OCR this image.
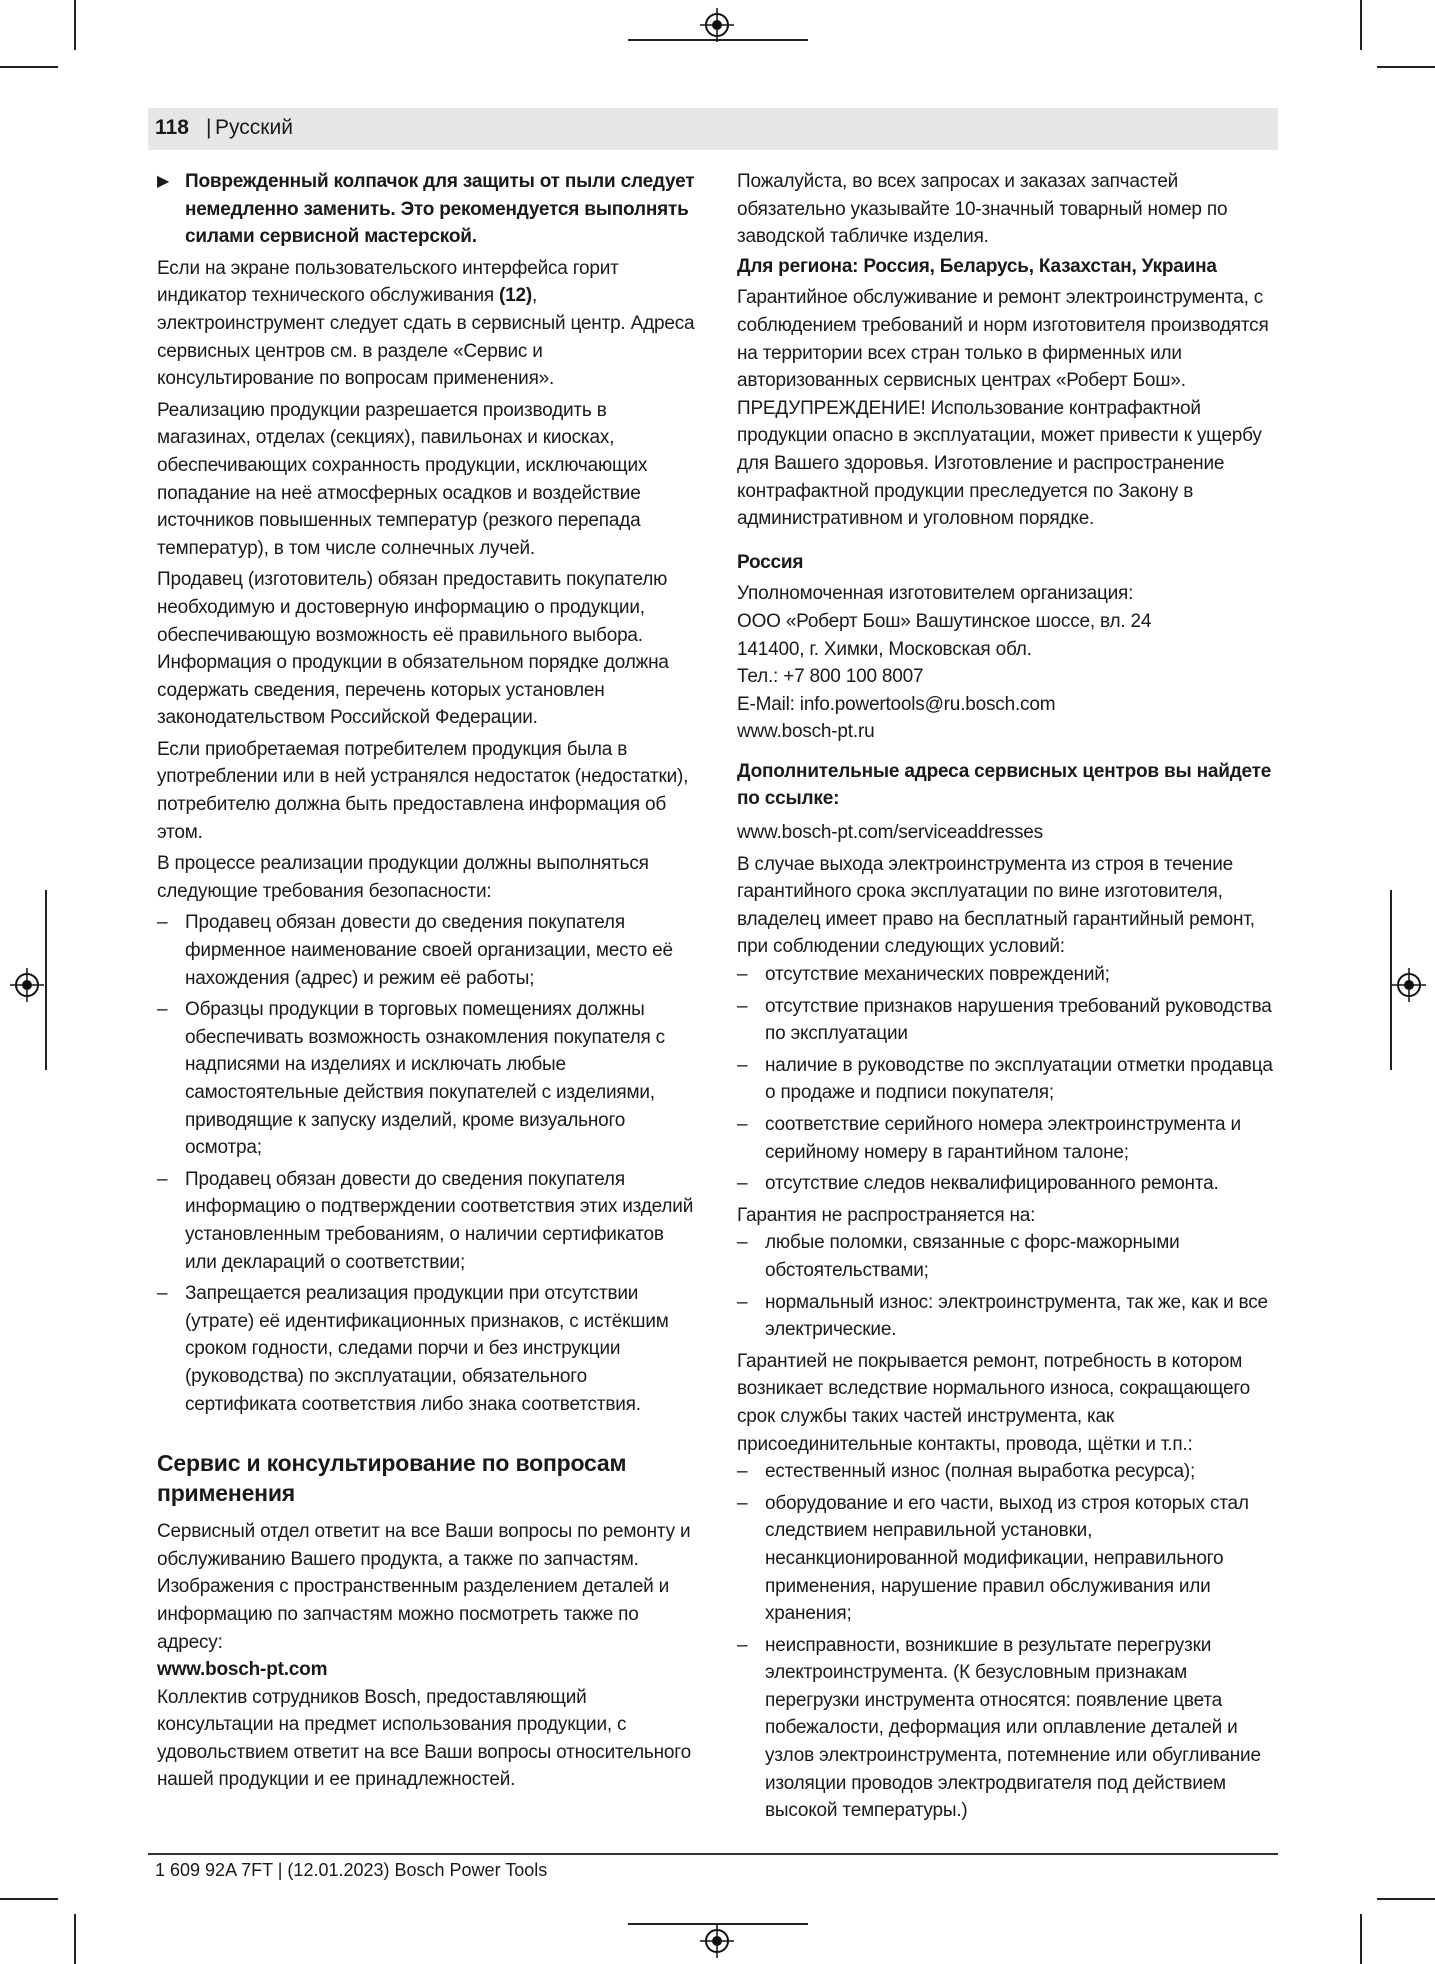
118 | Русский

▶ Поврежденный колпачок для защиты от пыли следует немедленно заменить. Это рекомендуется выполнять силами сервисной мастерской.

Если на экране пользовательского интерфейса горит индикатор технического обслуживания (12), электроинструмент следует сдать в сервисный центр. Адреса сервисных центров см. в разделе «Сервис и консультирование по вопросам применения».

Реализацию продукции разрешается производить в магазинах, отделах (секциях), павильонах и киосках, обеспечивающих сохранность продукции, исключающих попадание на неё атмосферных осадков и воздействие источников повышенных температур (резкого перепада температур), в том числе солнечных лучей.

Продавец (изготовитель) обязан предоставить покупателю необходимую и достоверную информацию о продукции, обеспечивающую возможность её правильного выбора. Информация о продукции в обязательном порядке должна содержать сведения, перечень которых установлен законодательством Российской Федерации.

Если приобретаемая потребителем продукция была в употреблении или в ней устранялся недостаток (недостатки), потребителю должна быть предоставлена информация об этом.

В процессе реализации продукции должны выполняться следующие требования безопасности:

– Продавец обязан довести до сведения покупателя фирменное наименование своей организации, место её нахождения (адрес) и режим её работы;

– Образцы продукции в торговых помещениях должны обеспечивать возможность ознакомления покупателя с надписями на изделиях и исключать любые самостоятельные действия покупателей с изделиями, приводящие к запуску изделий, кроме визуального осмотра;

– Продавец обязан довести до сведения покупателя информацию о подтверждении соответствия этих изделий установленным требованиям, о наличии сертификатов или деклараций о соответствии;

– Запрещается реализация продукции при отсутствии (утрате) её идентификационных признаков, с истёкшим сроком годности, следами порчи и без инструкции (руководства) по эксплуатации, обязательного сертификата соответствия либо знака соответствия.

Сервис и консультирование по вопросам применения

Сервисный отдел ответит на все Ваши вопросы по ремонту и обслуживанию Вашего продукта, а также по запчастям. Изображения с пространственным разделением деталей и информацию по запчастям можно посмотреть также по адресу:

www.bosch-pt.com

Коллектив сотрудников Bosch, предоставляющий консультации на предмет использования продукции, с удовольствием ответит на все Ваши вопросы относительного нашей продукции и ее принадлежностей.

Пожалуйста, во всех запросах и заказах запчастей обязательно указывайте 10-значный товарный номер по заводской табличке изделия.

Для региона: Россия, Беларусь, Казахстан, Украина

Гарантийное обслуживание и ремонт электроинструмента, с соблюдением требований и норм изготовителя производятся на территории всех стран только в фирменных или авторизованных сервисных центрах «Роберт Бош». ПРЕДУПРЕЖДЕНИЕ! Использование контрафактной продукции опасно в эксплуатации, может привести к ущербу для Вашего здоровья. Изготовление и распространение контрафактной продукции преследуется по Закону в административном и уголовном порядке.

Россия

Уполномоченная изготовителем организация:
ООО «Роберт Бош» Вашутинское шоссе, вл. 24
141400, г. Химки, Московская обл.
Тел.: +7 800 100 8007
E-Mail: info.powertools@ru.bosch.com
www.bosch-pt.ru

Дополнительные адреса сервисных центров вы найдете по ссылке:

www.bosch-pt.com/serviceaddresses

В случае выхода электроинструмента из строя в течение гарантийного срока эксплуатации по вине изготовителя, владелец имеет право на бесплатный гарантийный ремонт, при соблюдении следующих условий:

– отсутствие механических повреждений;

– отсутствие признаков нарушения требований руководства по эксплуатации

– наличие в руководстве по эксплуатации отметки продавца о продаже и подписи покупателя;

– соответствие серийного номера электроинструмента и серийному номеру в гарантийном талоне;

– отсутствие следов неквалифицированного ремонта.

Гарантия не распространяется на:

– любые поломки, связанные с форс-мажорными обстоятельствами;

– нормальный износ: электроинструмента, так же, как и все электрические.

Гарантией не покрывается ремонт, потребность в котором возникает вследствие нормального износа, сокращающего срок службы таких частей инструмента, как присоединительные контакты, провода, щётки и т.п.:

– естественный износ (полная выработка ресурса);

– оборудование и его части, выход из строя которых стал следствием неправильной установки, несанкционированной модификации, неправильного применения, нарушение правил обслуживания или хранения;

– неисправности, возникшие в результате перегрузки электроинструмента. (К безусловным признакам перегрузки инструмента относятся: появление цвета побежалости, деформация или оплавление деталей и узлов электроинструмента, потемнение или обугливание изоляции проводов электродвигателя под действием высокой температуры.)

1 609 92A 7FT | (12.01.2023) Bosch Power Tools
